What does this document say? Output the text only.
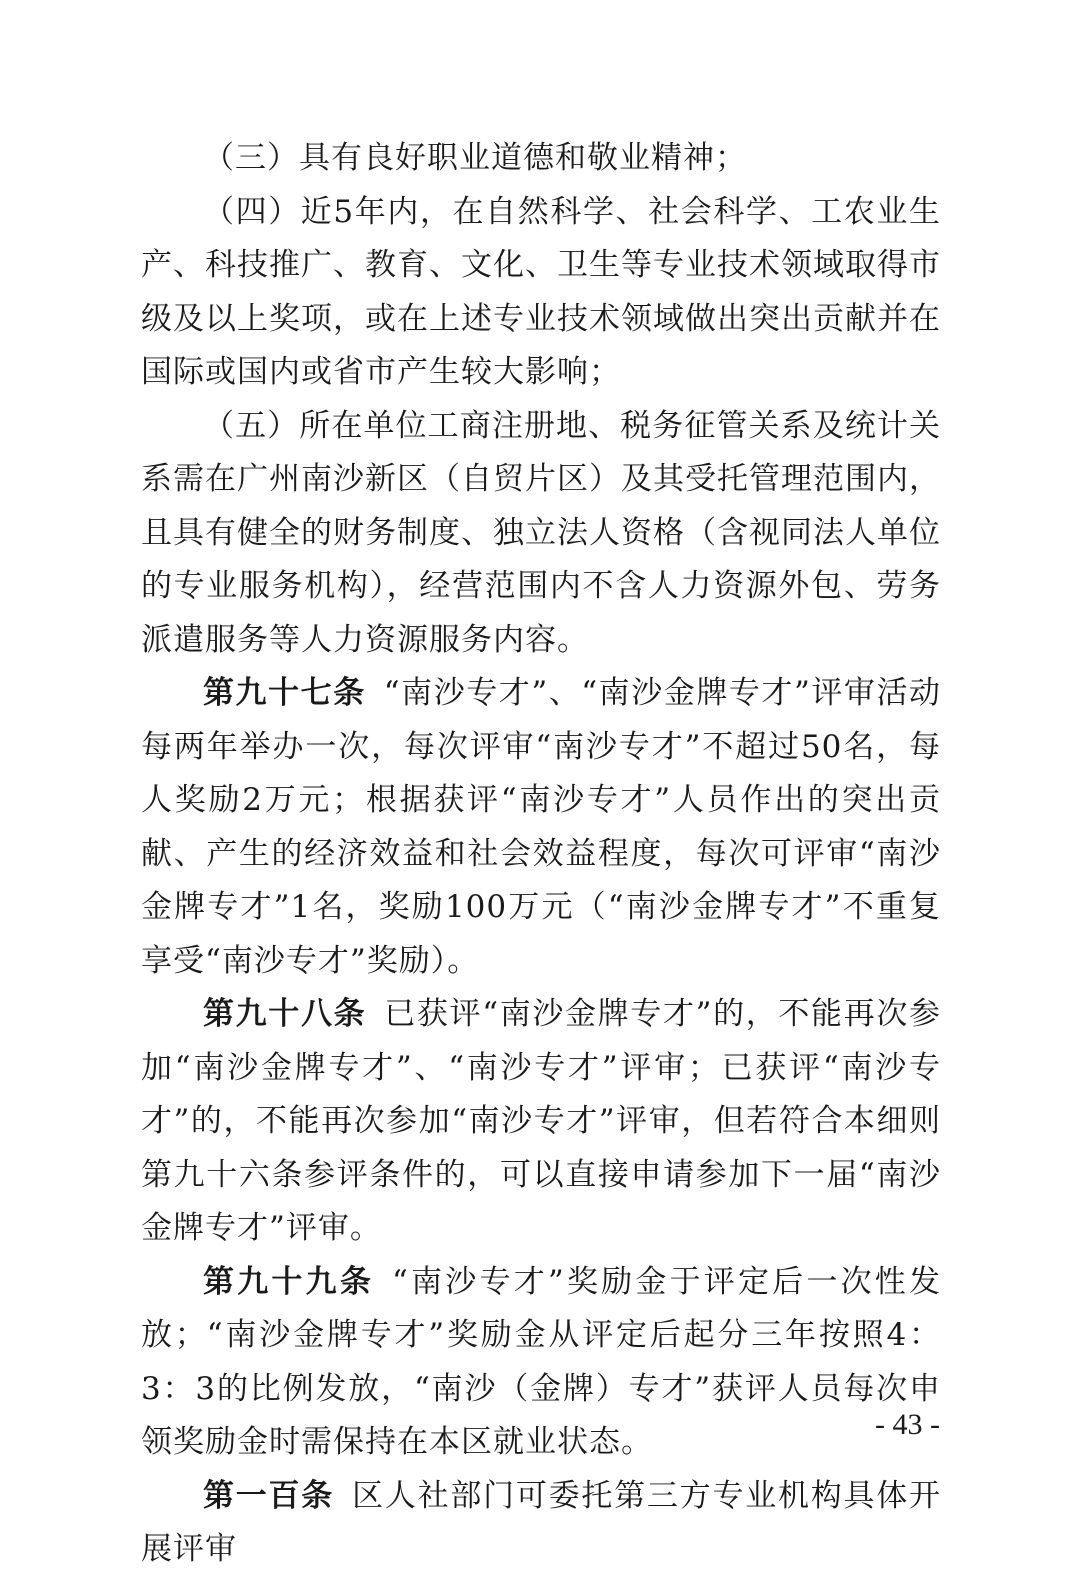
（三）具有良好职业道德和敬业精神；

（四）近5年内，在自然科学、社会科学、工农业生产、科技推广、教育、文化、卫生等专业技术领域取得市级及以上奖项，或在上述专业技术领域做出突出贡献并在国际或国内或省市产生较大影响；

（五）所在单位工商注册地、税务征管关系及统计关系需在广州南沙新区（自贸片区）及其受托管理范围内，且具有健全的财务制度、独立法人资格（含视同法人单位的专业服务机构），经营范围内不含人力资源外包、劳务派遣服务等人力资源服务内容。

第九十七条 “南沙专才”、“南沙金牌专才”评审活动每两年举办一次，每次评审“南沙专才”不超过50名，每人奖励2万元；根据获评“南沙专才”人员作出的突出贡献、产生的经济效益和社会效益程度，每次可评审“南沙金牌专才”1名，奖励100万元（“南沙金牌专才”不重复享受“南沙专才”奖励）。

第九十八条 已获评“南沙金牌专才”的，不能再次参加“南沙金牌专才”、“南沙专才”评审；已获评“南沙专才”的，不能再次参加“南沙专才”评审，但若符合本细则第九十六条参评条件的，可以直接申请参加下一届“南沙金牌专才”评审。

第九十九条 “南沙专才”奖励金于评定后一次性发放；“南沙金牌专才”奖励金从评定后起分三年按照4：3：3的比例发放，“南沙（金牌）专才”获评人员每次申领奖励金时需保持在本区就业状态。

第一百条 区人社部门可委托第三方专业机构具体开展评审

- 43 -
